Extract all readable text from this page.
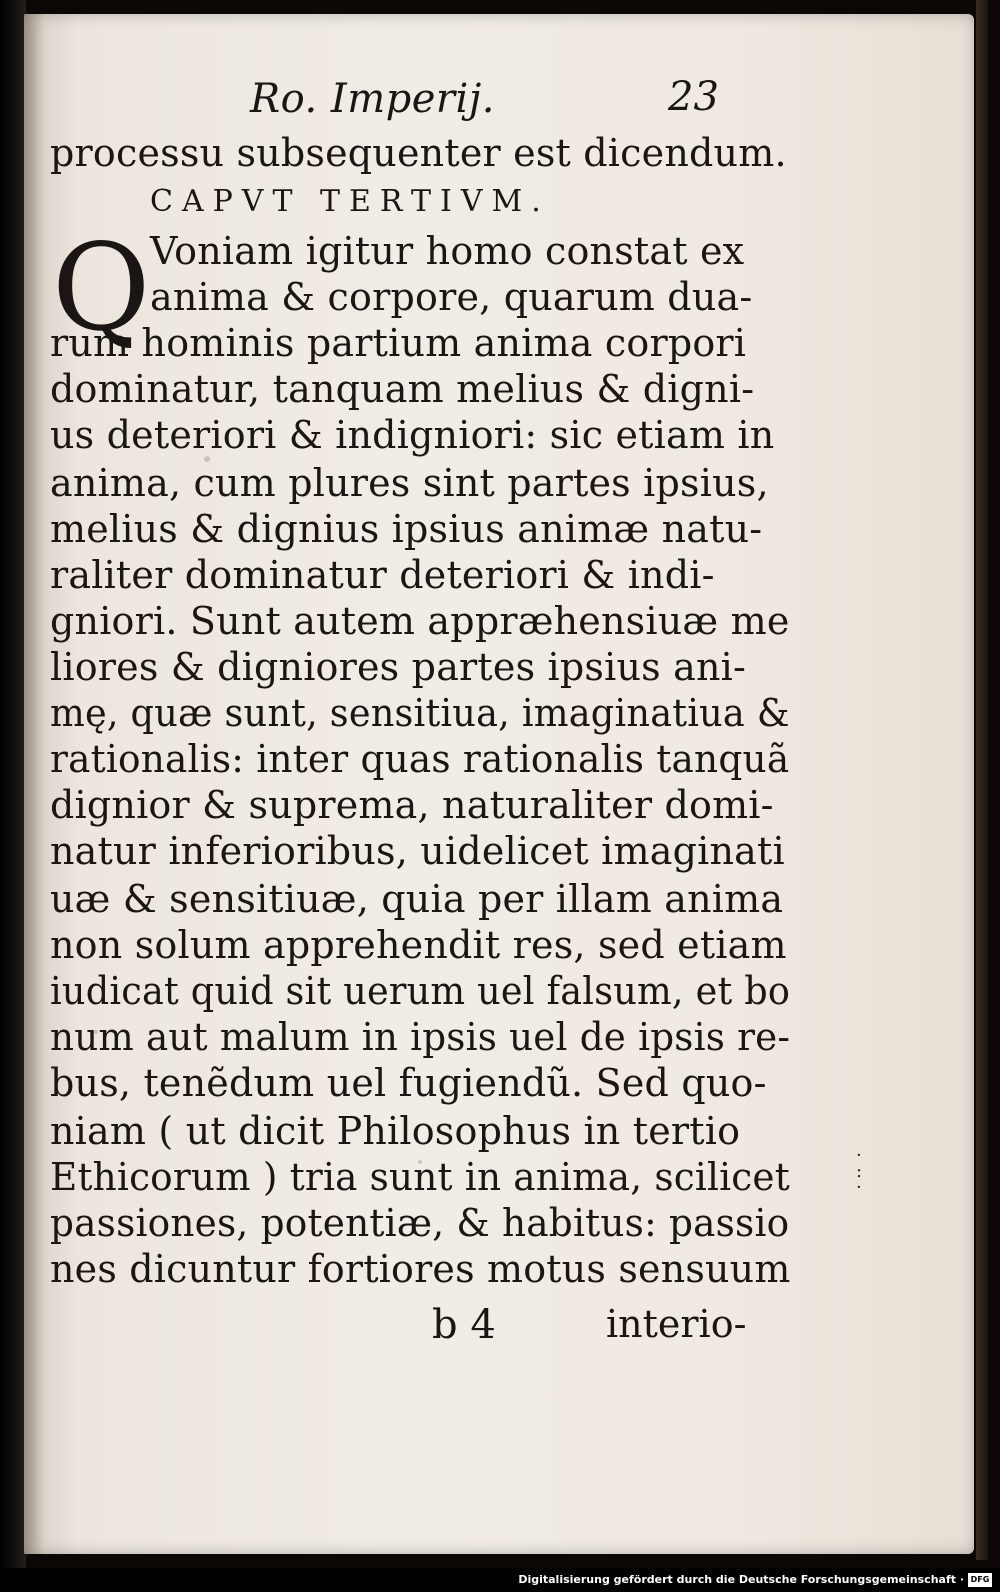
Ro. Imperij.	23
processu subsequenter est dicendum.
CAPVT TERTIVM.
Q Voniam igitur homo constat ex
anima & corpore, quarum dua-
rum hominis partium anima corpori
dominatur, tanquam melius & digni-
us deteriori & indigniori: sic etiam in
anima, cum plures sint partes ipsius,
melius & dignius ipsius animæ natu-
raliter dominatur deteriori & indi-
gniori. Sunt autem appræhensiuæ me
liores & digniores partes ipsius ani-
mę, quæ sunt, sensitiua, imaginatiua &
rationalis: inter quas rationalis tanquã
dignior & suprema, naturaliter domi-
natur inferioribus, uidelicet imaginati
uæ & sensitiuæ, quia per illam anima
non solum apprehendit res, sed etiam
iudicat quid sit uerum uel falsum, et bo
num aut malum in ipsis uel de ipsis re-
bus, tenẽdum uel fugiendũ. Sed quo-
niam ( ut dicit Philosophus in tertio
Ethicorum ) tria sunt in anima, scilicet
passiones, potentiæ, & habitus: passio
nes dicuntur fortiores motus sensuum
b 4	interio-
·
:
·
Digitalisierung gefördert durch die Deutsche Forschungsgemeinschaft · DFG
